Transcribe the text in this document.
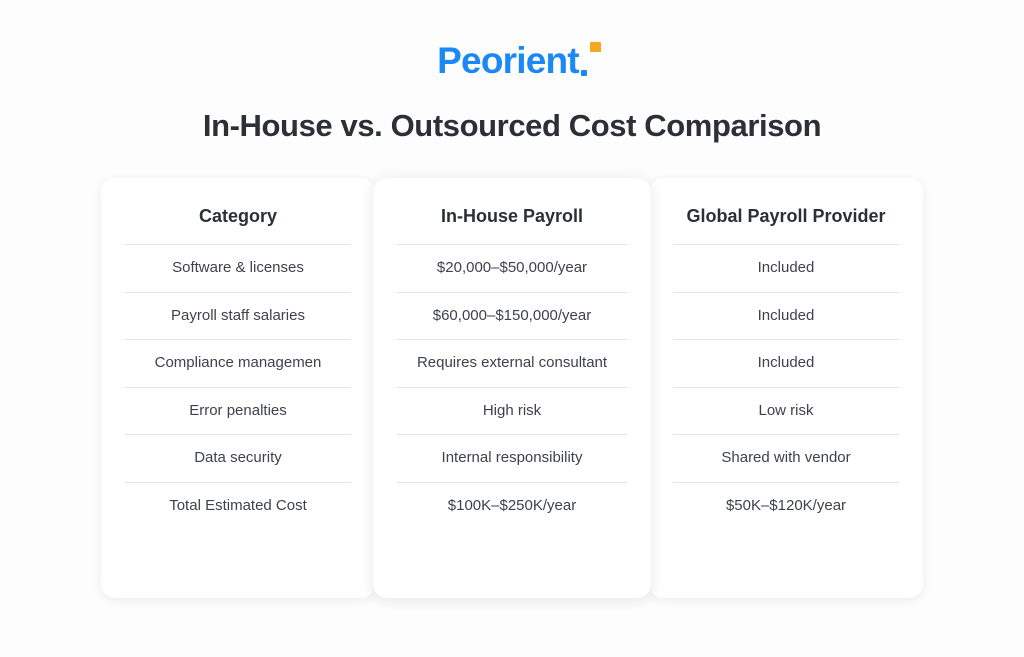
Peorient
In-House vs. Outsourced Cost Comparison
Category
Software & licenses
Payroll staff salaries
Compliance managemen
Error penalties
Data security
Total Estimated Cost
In-House Payroll
$20,000–$50,000/year
$60,000–$150,000/year
Requires external consultant
High risk
Internal responsibility
$100K–$250K/year
Global Payroll Provider
Included
Included
Included
Low risk
Shared with vendor
$50K–$120K/year
